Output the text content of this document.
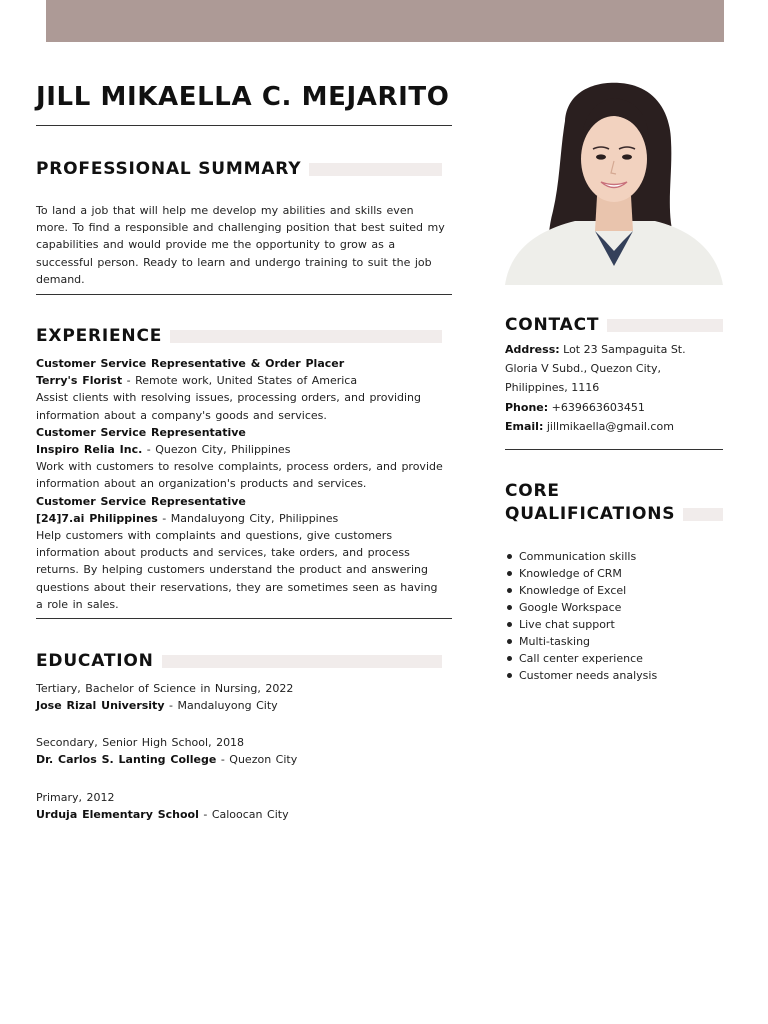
JILL MIKAELLA C. MEJARITO
PROFESSIONAL SUMMARY

To land a job that will help me develop my abilities and skills even more. To find a responsible and challenging position that best suited my capabilities and would provide me the opportunity to grow as a successful person. Ready to learn and undergo training to suit the job demand.

EXPERIENCE
Customer Service Representative & Order Placer
Terry's Florist - Remote work, United States of America
Assist clients with resolving issues, processing orders, and providing information about a company's goods and services.
Customer Service Representative
Inspiro Relia Inc. - Quezon City, Philippines
Work with customers to resolve complaints, process orders, and provide information about an organization's products and services.
Customer Service Representative
[24]7.ai Philippines - Mandaluyong City, Philippines
Help customers with complaints and questions, give customers information about products and services, take orders, and process returns. By helping customers understand the product and answering questions about their reservations, they are sometimes seen as having a role in sales.
EDUCATION
Tertiary, Bachelor of Science in Nursing, 2022
Jose Rizal University - Mandaluyong City
Secondary, Senior High School, 2018
Dr. Carlos S. Lanting College - Quezon City
Primary, 2012
Urduja Elementary School - Caloocan City
CONTACT
Address: Lot 23 Sampaguita St.
Gloria V Subd., Quezon City,
Philippines, 1116
Phone: +639663603451
Email: jillmikaella@gmail.com
CORE
QUALIFICATIONS
Communication skills
Knowledge of CRM
Knowledge of Excel
Google Workspace
Live chat support
Multi-tasking
Call center experience
Customer needs analysis
